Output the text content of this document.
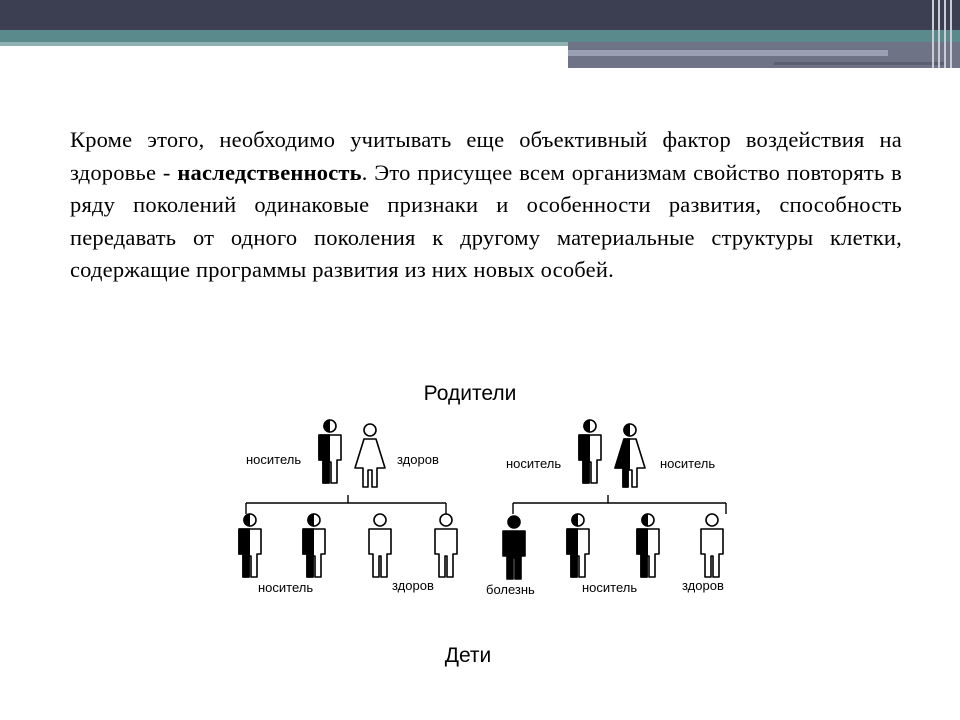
Кроме этого, необходимо учитывать еще объективный фактор воздействия на здоровье - наследственность. Это присущее всем организмам свойство повторять в ряду поколений одинаковые признаки и особенности развития, способность передавать от одного поколения к другому материальные структуры клетки, содержащие программы развития из них новых особей.
Родители
носитель	здоров
носитель	здоров
носитель	носитель
болезнь	носитель	здоров
Дети
